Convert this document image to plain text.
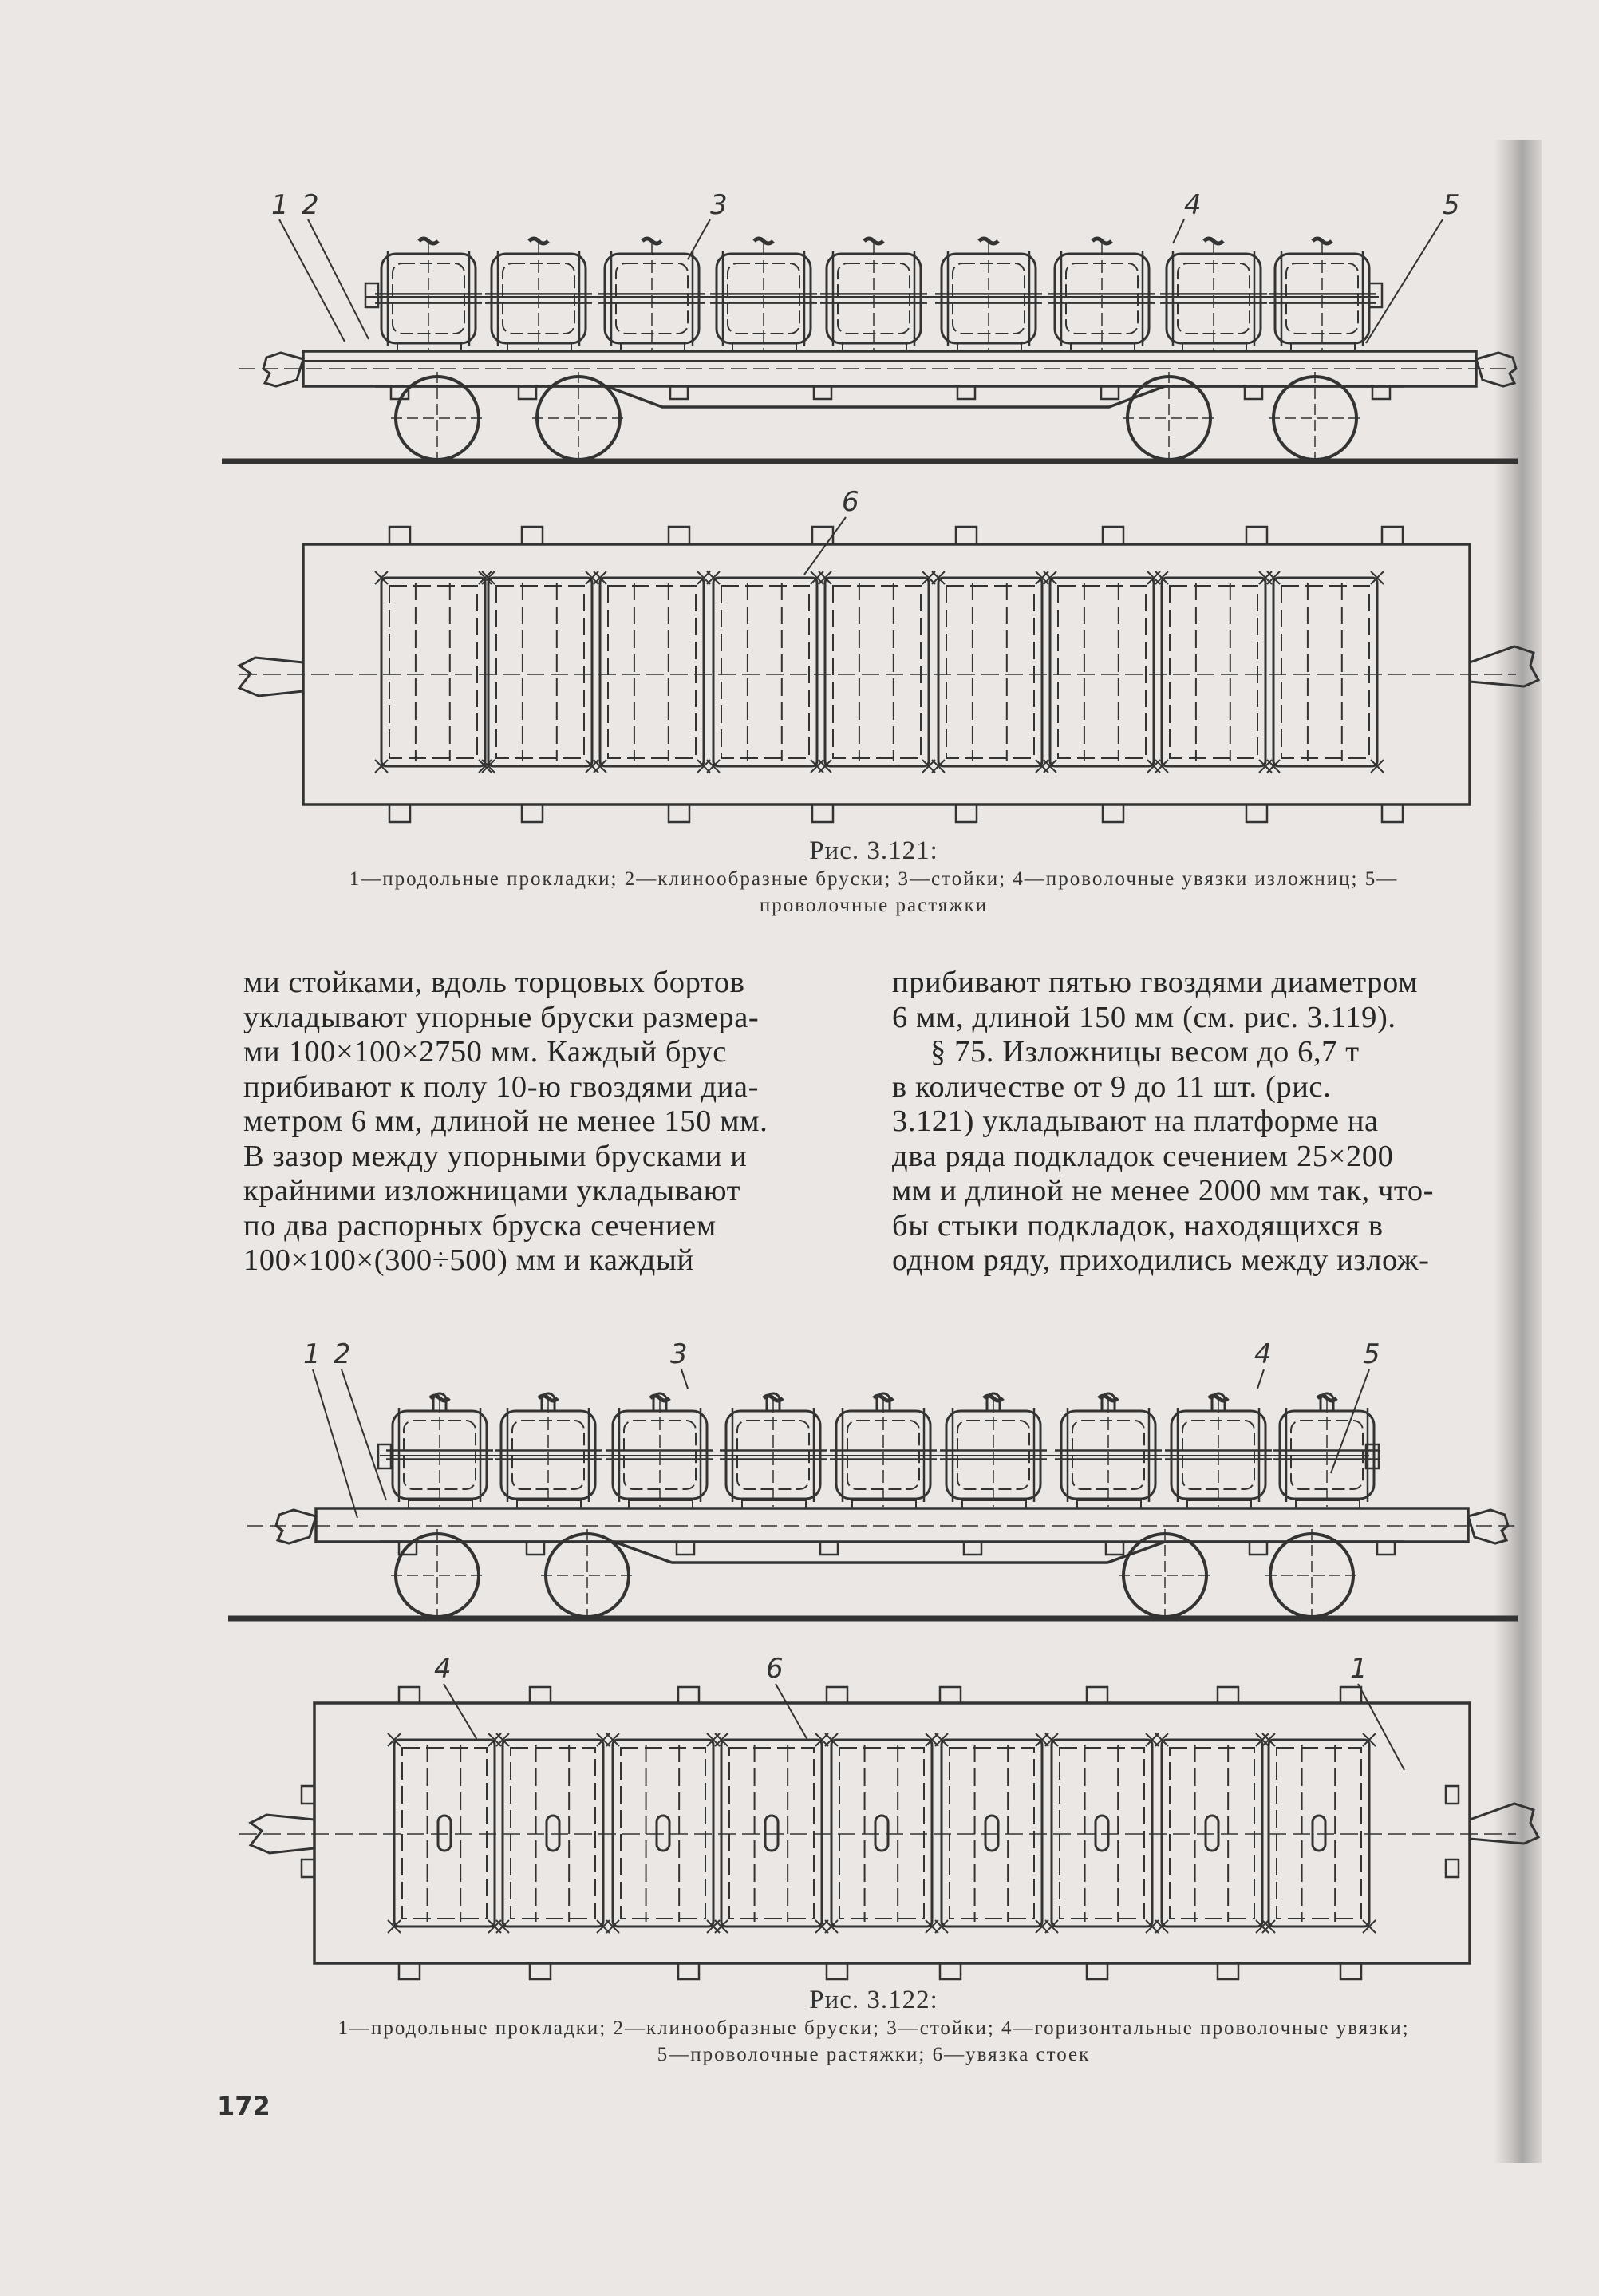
1 2	3	4	5
6
Рис. 3.121:
1—продольные прокладки; 2—клинообразные бруски; 3—стойки; 4—проволочные увязки изложниц; 5—
проволочные растяжки

ми стойками, вдоль торцовых бортов

укладывают упорные бруски размера-

ми 100×100×2750 мм. Каждый брус

прибивают к полу 10-ю гвоздями диа-

метром 6 мм, длиной не менее 150 мм.

В зазор между упорными брусками и

крайними изложницами укладывают

по два распорных бруска сечением

100×100×(300÷500) мм и каждый

прибивают пятью гвоздями диаметром

6 мм, длиной 150 мм (см. рис. 3.119).

§ 75. Изложницы весом до 6,7 т

в количестве от 9 до 11 шт. (рис.

3.121) укладывают на платформе на

два ряда подкладок сечением 25×200

мм и длиной не менее 2000 мм так, что-

бы стыки подкладок, находящихся в

одном ряду, приходились между излож-

1 2	3	4	5
4	6	1
Рис. 3.122:
1—продольные прокладки; 2—клинообразные бруски; 3—стойки; 4—горизонтальные проволочные увязки;
5—проволочные растяжки; 6—увязка стоек
172
